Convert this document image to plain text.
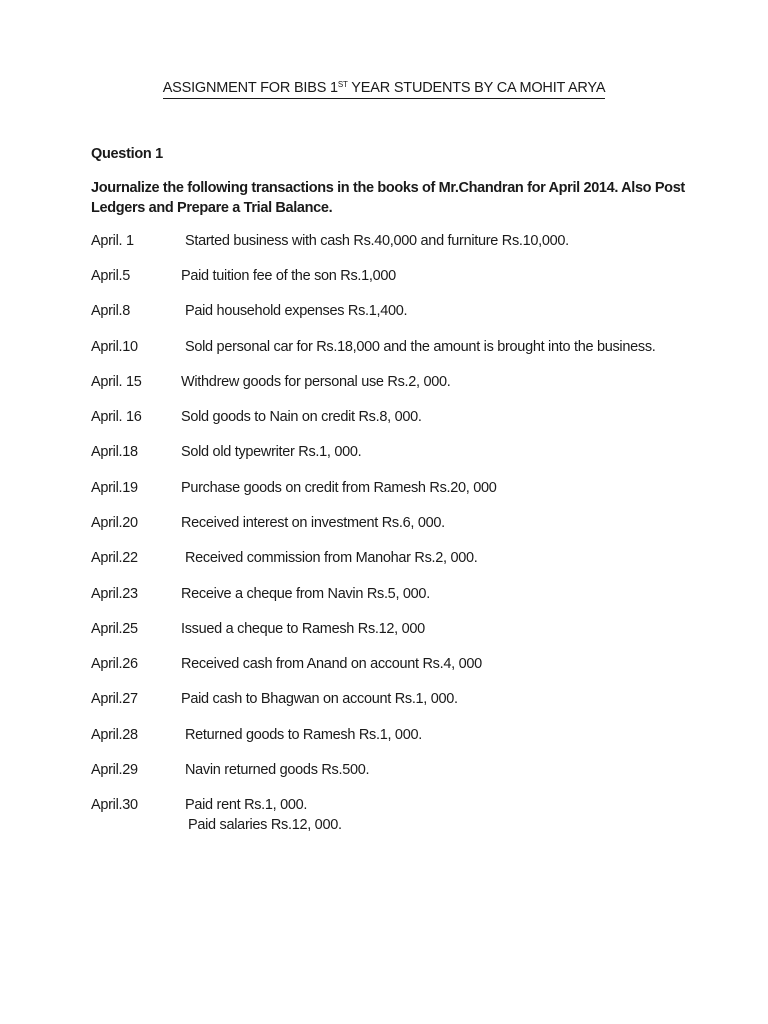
ASSIGNMENT FOR BIBS 1ST YEAR STUDENTS BY CA MOHIT ARYA
Question 1
Journalize the following transactions in the books of Mr.Chandran for April 2014. Also Post Ledgers and Prepare a Trial Balance.
April. 1	Started business with cash Rs.40,000 and furniture Rs.10,000.
April.5	Paid tuition fee of the son Rs.1,000
April.8	Paid household expenses Rs.1,400.
April.10	Sold personal car for Rs.18,000 and the amount is brought into the business.
April. 15	Withdrew goods for personal use Rs.2, 000.
April. 16	Sold goods to Nain on credit Rs.8, 000.
April.18	Sold old typewriter Rs.1, 000.
April.19	Purchase goods on credit from Ramesh Rs.20, 000
April.20	Received interest on investment Rs.6, 000.
April.22	Received commission from Manohar Rs.2, 000.
April.23	Receive a cheque from Navin Rs.5, 000.
April.25	Issued a cheque to Ramesh Rs.12, 000
April.26	Received cash from Anand on account Rs.4, 000
April.27	Paid cash to Bhagwan on account Rs.1, 000.
April.28	Returned goods to Ramesh Rs.1, 000.
April.29	Navin returned goods Rs.500.
April.30	Paid rent Rs.1, 000.
Paid salaries Rs.12, 000.
